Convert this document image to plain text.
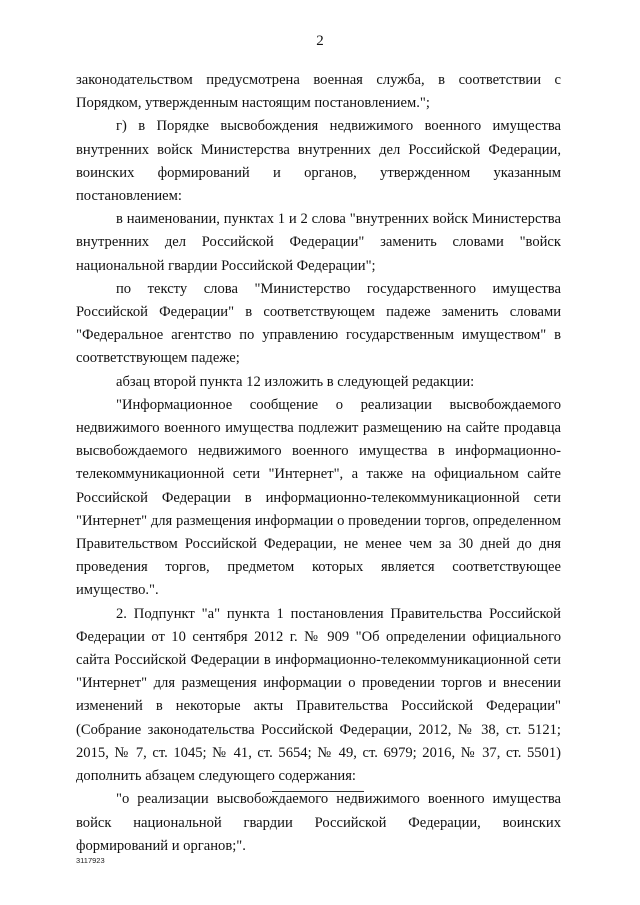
2

законодательством предусмотрена военная служба, в соответствии с Порядком, утвержденным настоящим постановлением.";

г) в Порядке высвобождения недвижимого военного имущества внутренних войск Министерства внутренних дел Российской Федерации, воинских формирований и органов, утвержденном указанным постановлением:

в наименовании, пунктах 1 и 2 слова "внутренних войск Министерства внутренних дел Российской Федерации" заменить словами "войск национальной гвардии Российской Федерации";

по тексту слова "Министерство государственного имущества Российской Федерации" в соответствующем падеже заменить словами "Федеральное агентство по управлению государственным имуществом" в соответствующем падеже;

абзац второй пункта 12 изложить в следующей редакции:

"Информационное сообщение о реализации высвобождаемого недвижимого военного имущества подлежит размещению на сайте продавца высвобождаемого недвижимого военного имущества в информационно-телекоммуникационной сети "Интернет", а также на официальном сайте Российской Федерации в информационно-телекоммуникационной сети "Интернет" для размещения информации о проведении торгов, определенном Правительством Российской Федерации, не менее чем за 30 дней до дня проведения торгов, предметом которых является соответствующее имущество.".

2. Подпункт "а" пункта 1 постановления Правительства Российской Федерации от 10 сентября 2012 г. № 909 "Об определении официального сайта Российской Федерации в информационно-телекоммуникационной сети "Интернет" для размещения информации о проведении торгов и внесении изменений в некоторые акты Правительства Российской Федерации" (Собрание законодательства Российской Федерации, 2012, № 38, ст. 5121; 2015, № 7, ст. 1045; № 41, ст. 5654; № 49, ст. 6979; 2016, № 37, ст. 5501) дополнить абзацем следующего содержания:

"о реализации высвобождаемого недвижимого военного имущества войск национальной гвардии Российской Федерации, воинских формирований и органов;".

3117923
